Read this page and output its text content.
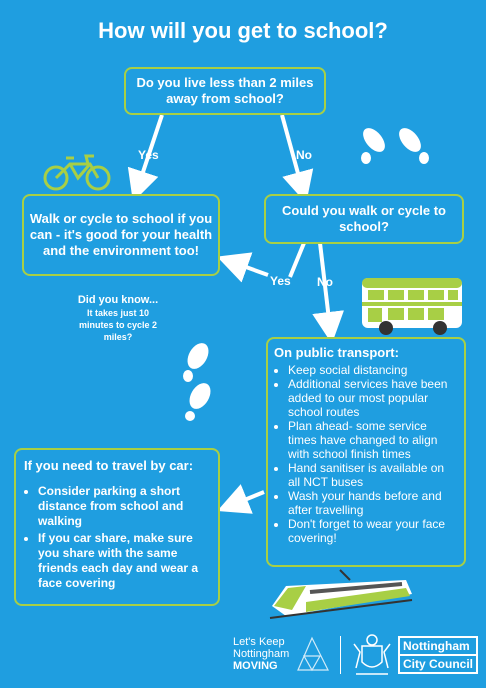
How will you get to school?
Do you live less than 2 miles
away from school?
Yes	No
Walk or cycle to school if you
can - it's good for your health
and the environment too!
Could you walk or cycle to
school?
Yes No
Did you know...
It takes just 10
minutes to cycle 2
miles?
On public transport:
• Keep social distancing
• Additional services have been added to our most popular school routes
• Plan ahead- some service times have changed to align with school finish times
• Hand sanitiser is available on all NCT buses
• Wash your hands before and after travelling
• Don't forget to wear your face covering!
If you need to travel by car:
• Consider parking a short distance from school and walking
• If you car share, make sure you share with the same friends each day and wear a face covering
Let's Keep
Nottingham
MOVING
Nottingham
City Council
